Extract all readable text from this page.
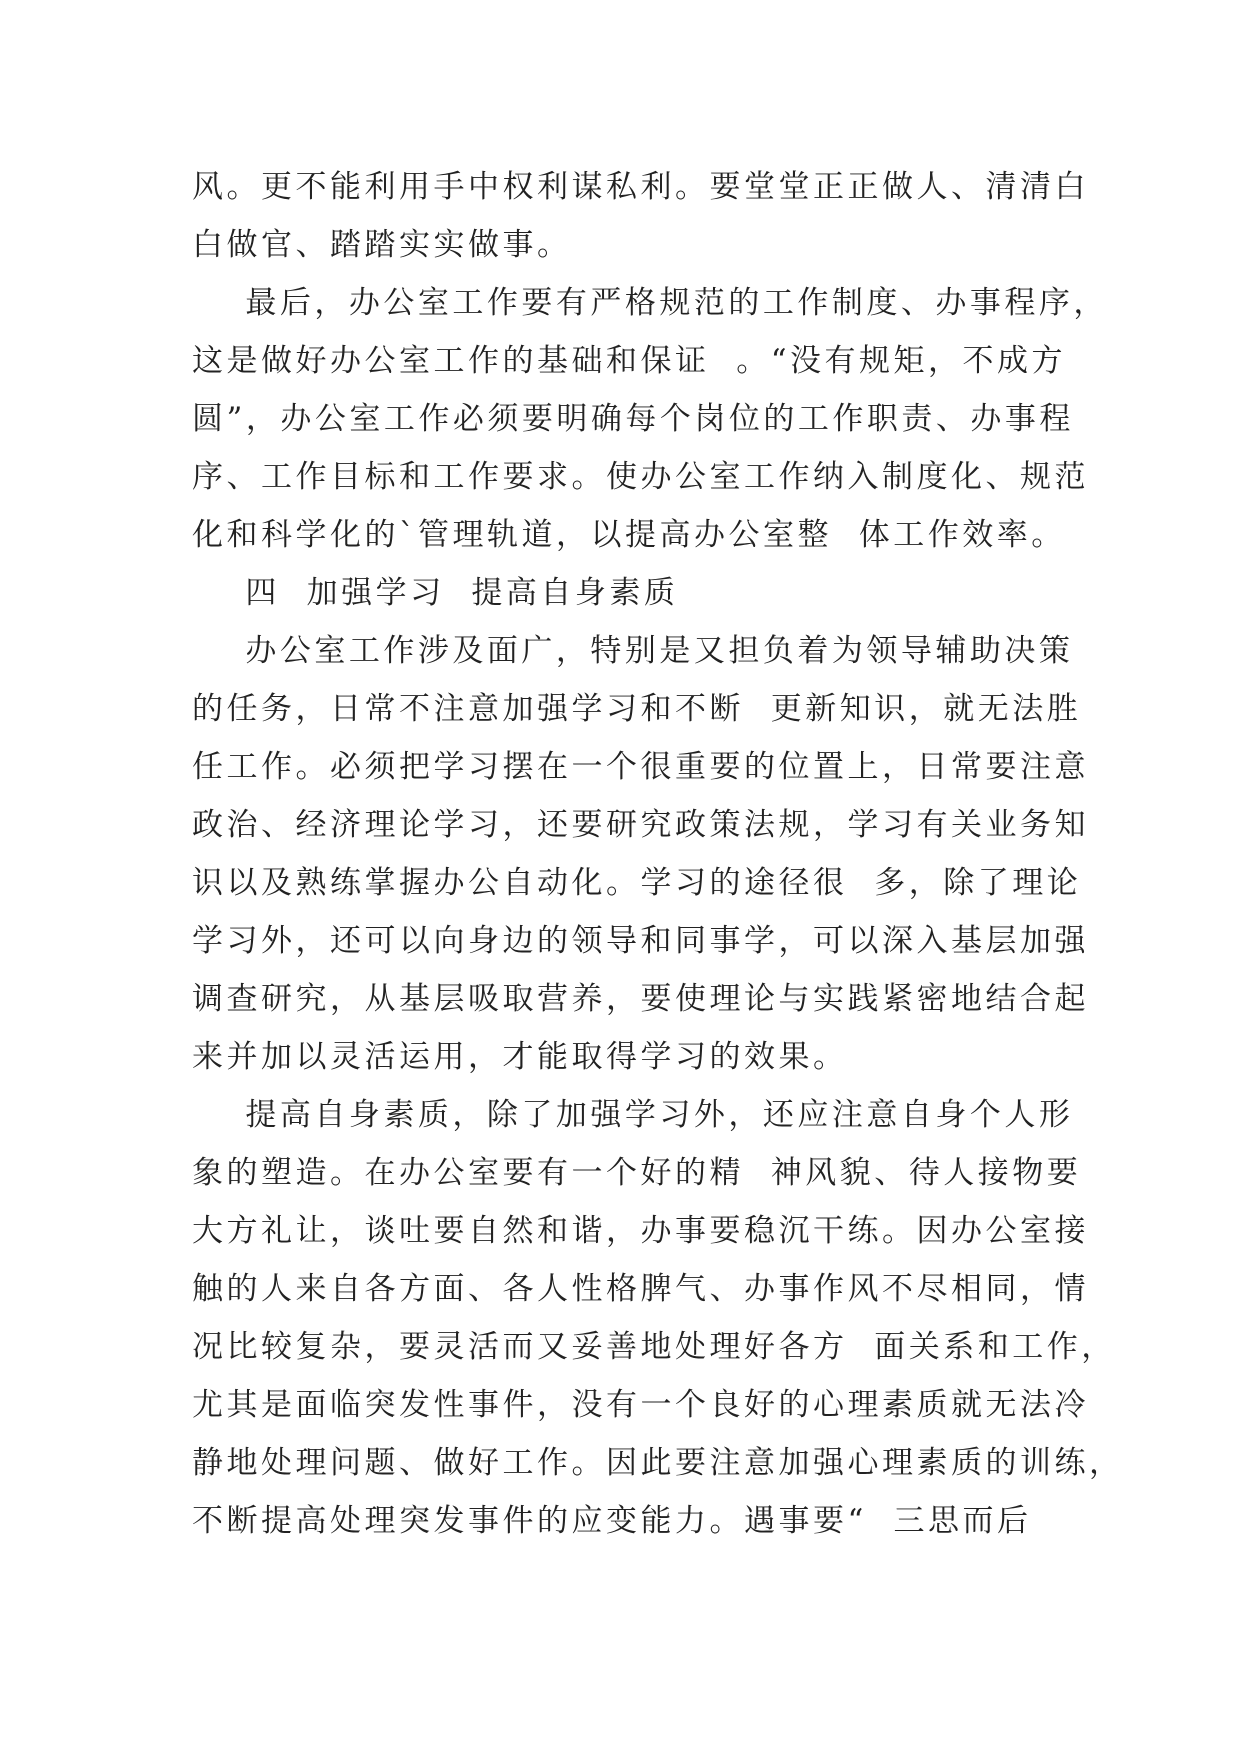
风。更不能利用手中权利谋私利。要堂堂正正做人、清清白
白做官、踏踏实实做事。
最后，办公室工作要有严格规范的工作制度、办事程序，
这是做好办公室工作的基础和保证  。“没有规矩，不成方
圆”，办公室工作必须要明确每个岗位的工作职责、办事程
序、工作目标和工作要求。使办公室工作纳入制度化、规范
化和科学化的`管理轨道，以提高办公室整  体工作效率。
四  加强学习  提高自身素质
办公室工作涉及面广，特别是又担负着为领导辅助决策
的任务，日常不注意加强学习和不断  更新知识，就无法胜
任工作。必须把学习摆在一个很重要的位置上，日常要注意
政治、经济理论学习，还要研究政策法规，学习有关业务知
识以及熟练掌握办公自动化。学习的途径很  多，除了理论
学习外，还可以向身边的领导和同事学，可以深入基层加强
调查研究，从基层吸取营养，要使理论与实践紧密地结合起
来并加以灵活运用，才能取得学习的效果。
提高自身素质，除了加强学习外，还应注意自身个人形
象的塑造。在办公室要有一个好的精  神风貌、待人接物要
大方礼让，谈吐要自然和谐，办事要稳沉干练。因办公室接
触的人来自各方面、各人性格脾气、办事作风不尽相同，情
况比较复杂，要灵活而又妥善地处理好各方  面关系和工作，
尤其是面临突发性事件，没有一个良好的心理素质就无法冷
静地处理问题、做好工作。因此要注意加强心理素质的训练，
不断提高处理突发事件的应变能力。遇事要“  三思而后
